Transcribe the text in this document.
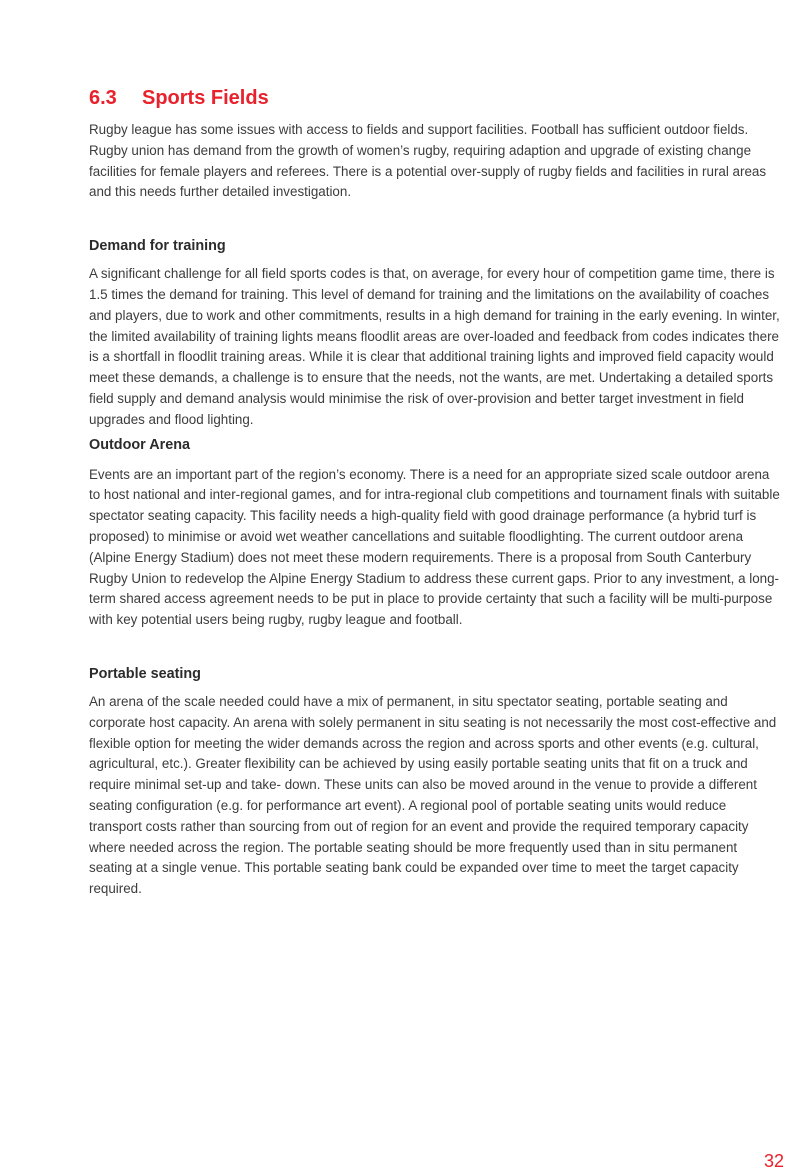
6.3	Sports Fields

Rugby league has some issues with access to fields and support facilities. Football has sufficient outdoor fields. Rugby union has demand from the growth of women’s rugby, requiring adaption and upgrade of existing change facilities for female players and referees. There is a potential over-supply of rugby fields and facilities in rural areas and this needs further detailed investigation.

Demand for training

A significant challenge for all field sports codes is that, on average, for every hour of competition game time, there is 1.5 times the demand for training. This level of demand for training and the limitations on the availability of coaches and players, due to work and other commitments, results in a high demand for training in the early evening. In winter, the limited availability of training lights means floodlit areas are over-loaded and feedback from codes indicates there is a shortfall in floodlit training areas. While it is clear that additional training lights and improved field capacity would meet these demands, a challenge is to ensure that the needs, not the wants, are met. Undertaking a detailed sports field supply and demand analysis would minimise the risk of over-provision and better target investment in field upgrades and flood lighting.

Outdoor Arena

Events are an important part of the region’s economy. There is a need for an appropriate sized scale outdoor arena to host national and inter-regional games, and for intra-regional club competitions and tournament finals with suitable spectator seating capacity. This facility needs a high-quality field with good drainage performance (a hybrid turf is proposed) to minimise or avoid wet weather cancellations and suitable floodlighting. The current outdoor arena (Alpine Energy Stadium) does not meet these modern requirements. There is a proposal from South Canterbury Rugby Union to redevelop the Alpine Energy Stadium to address these current gaps. Prior to any investment, a long-term shared access agreement needs to be put in place to provide certainty that such a facility will be multi-purpose with key potential users being rugby, rugby league and football.

Portable seating

An arena of the scale needed could have a mix of permanent, in situ spectator seating, portable seating and corporate host capacity. An arena with solely permanent in situ seating is not necessarily the most cost-effective and flexible option for meeting the wider demands across the region and across sports and other events (e.g. cultural, agricultural, etc.). Greater flexibility can be achieved by using easily portable seating units that fit on a truck and require minimal set-up and take- down. These units can also be moved around in the venue to provide a different seating configuration (e.g. for performance art event). A regional pool of portable seating units would reduce transport costs rather than sourcing from out of region for an event and provide the required temporary capacity where needed across the region. The portable seating should be more frequently used than in situ permanent seating at a single venue. This portable seating bank could be expanded over time to meet the target capacity required.

32
